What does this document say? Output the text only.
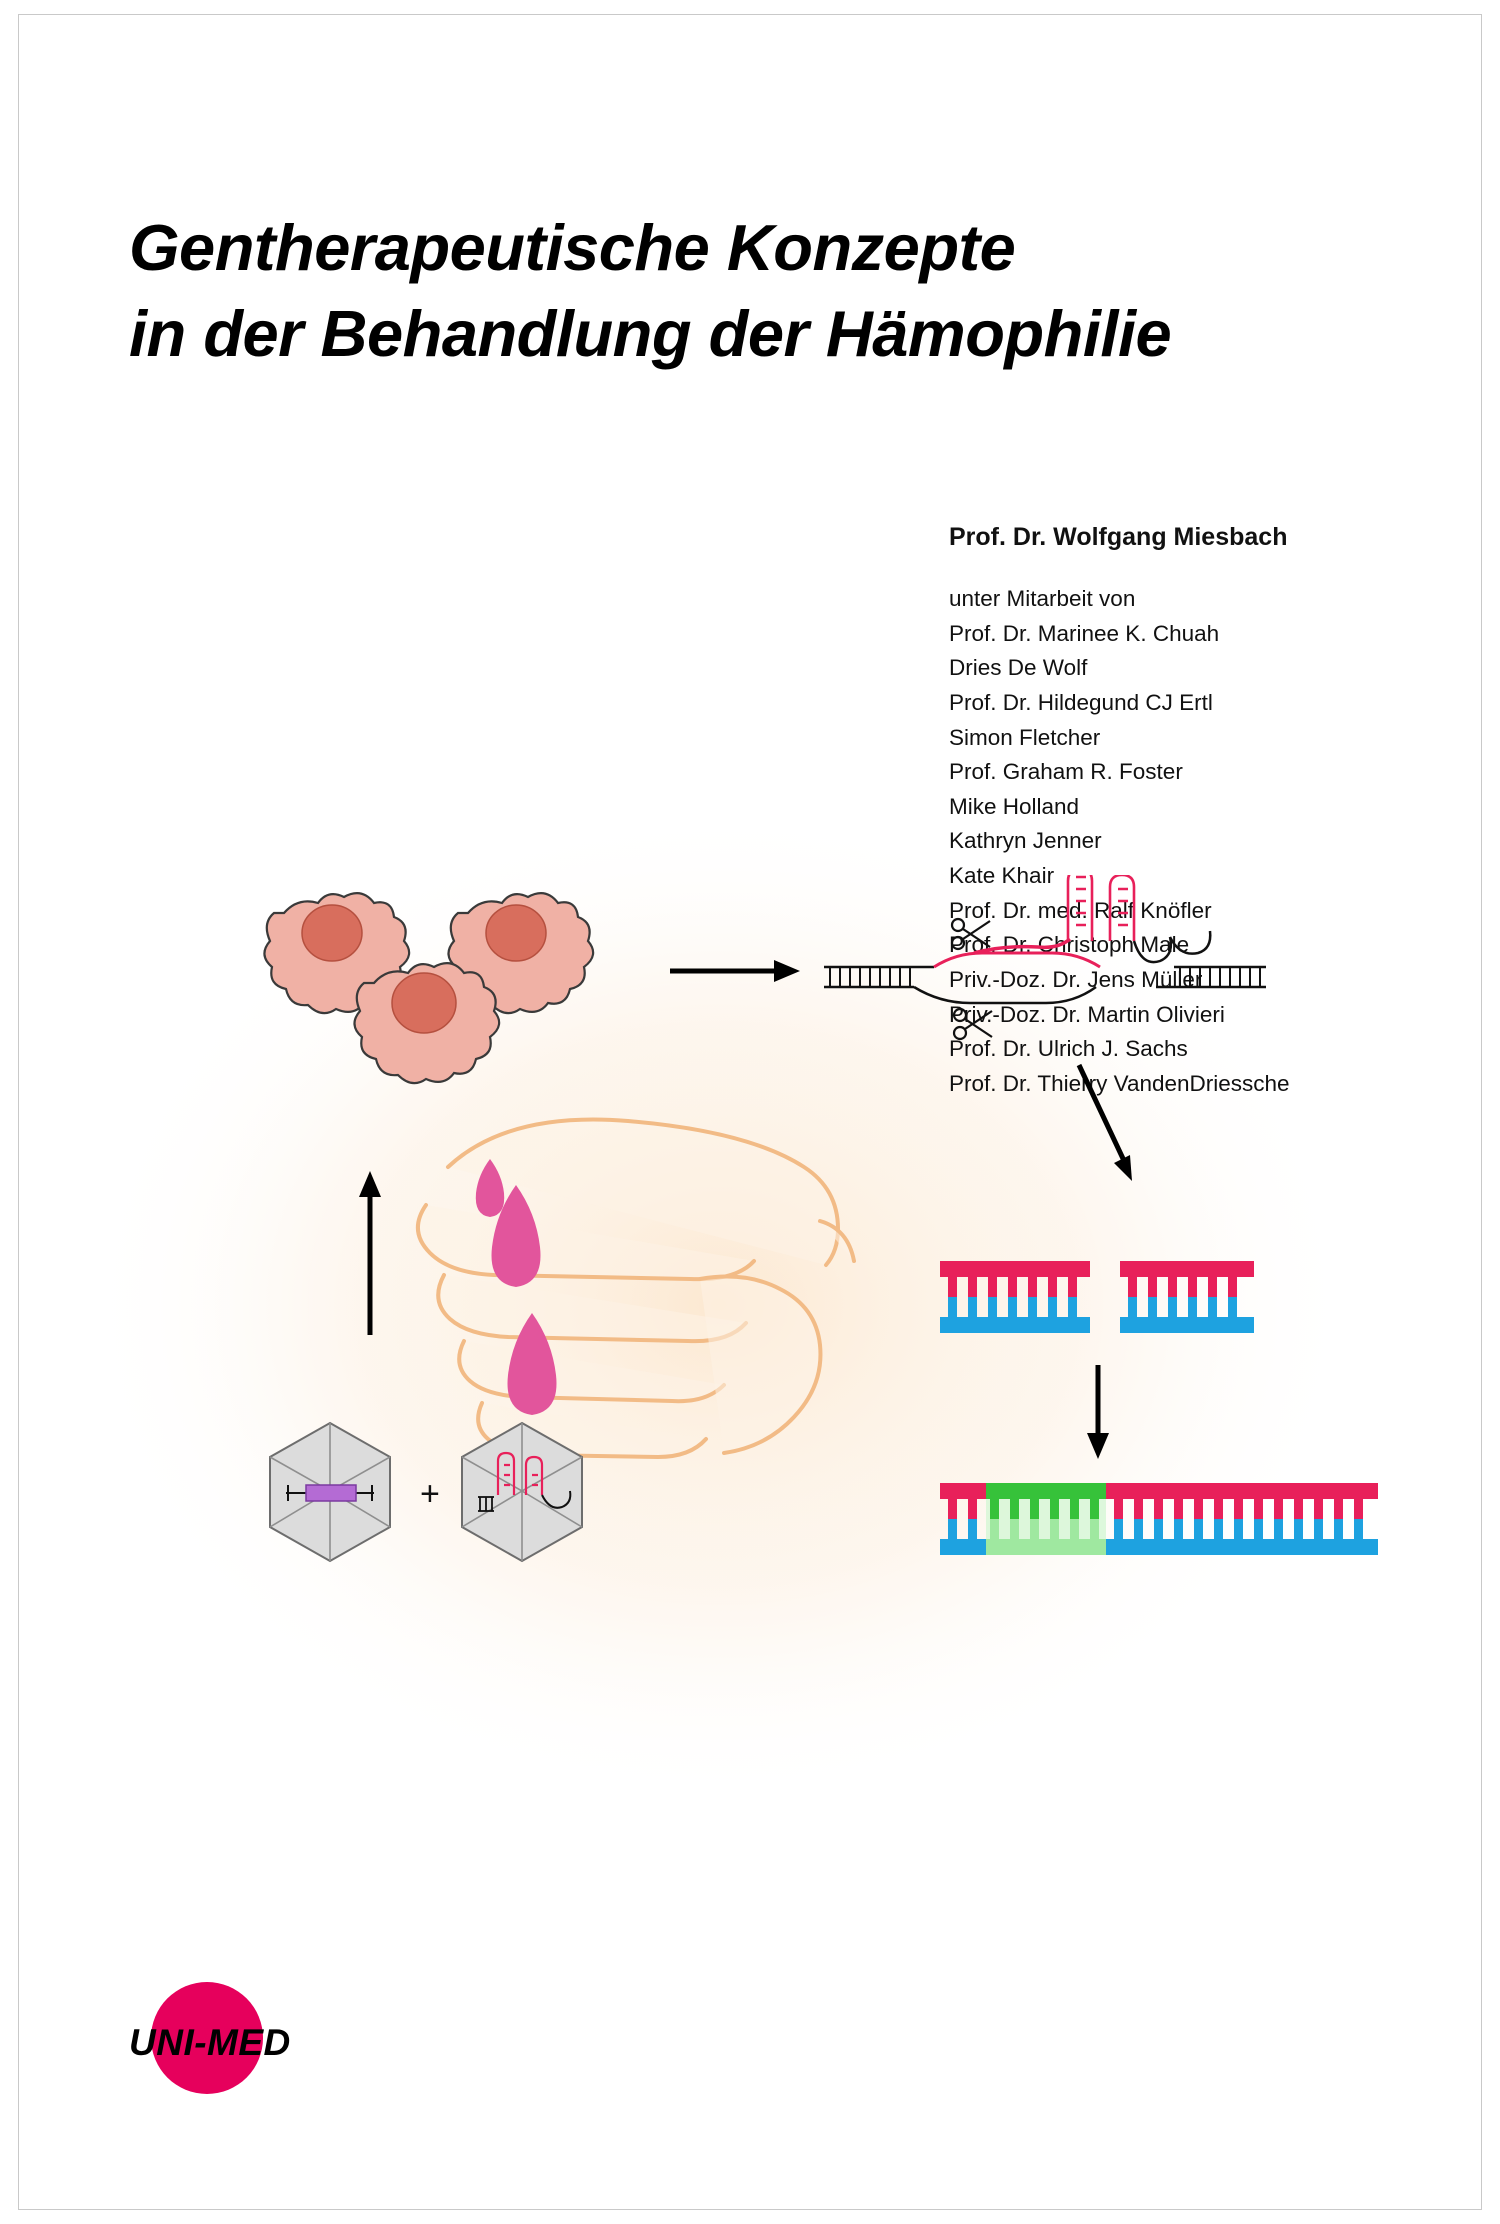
Gentherapeutische Konzepte
in der Behandlung der Hämophilie
Prof. Dr. Wolfgang Miesbach
unter Mitarbeit von
Prof. Dr. Marinee K. Chuah
Dries De Wolf
Prof. Dr. Hildegund CJ Ertl
Simon Fletcher
Prof. Graham R. Foster
Mike Holland
Kathryn Jenner
Kate Khair
Prof. Dr. med. Ralf Knöfler
Prof. Dr. Christoph Male
Priv.-Doz. Dr. Jens Müller
Priv.-Doz. Dr. Martin Olivieri
Prof. Dr. Ulrich J. Sachs
Prof. Dr. Thierry VandenDriessche
+
UNI-MED
